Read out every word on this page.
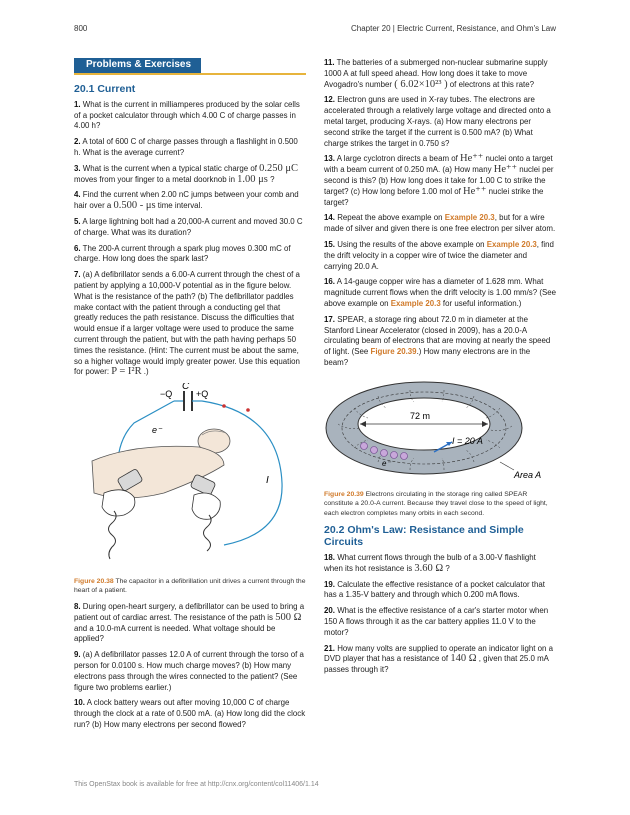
800	Chapter 20 | Electric Current, Resistance, and Ohm's Law
Problems & Exercises
20.1 Current
1. What is the current in milliamperes produced by the solar cells of a pocket calculator through which 4.00 C of charge passes in 4.00 h?
2. A total of 600 C of charge passes through a flashlight in 0.500 h. What is the average current?
3. What is the current when a typical static charge of 0.250 μC moves from your finger to a metal doorknob in 1.00 μs ?
4. Find the current when 2.00 nC jumps between your comb and hair over a 0.500 - μs time interval.
5. A large lightning bolt had a 20,000-A current and moved 30.0 C of charge. What was its duration?
6. The 200-A current through a spark plug moves 0.300 mC of charge. How long does the spark last?
7. (a) A defibrillator sends a 6.00-A current through the chest of a patient by applying a 10,000-V potential as in the figure below. What is the resistance of the path? (b) The defibrillator paddles make contact with the patient through a conducting gel that greatly reduces the path resistance. Discuss the difficulties that would ensue if a larger voltage were used to produce the same current through the patient, but with the path having perhaps 50 times the resistance. (Hint: The current must be about the same, so a higher voltage would imply greater power. Use this equation for power: P = I²R .)
C
−Q	+Q
e⁻
I
Figure 20.38 The capacitor in a defibrillation unit drives a current through the heart of a patient.
8. During open-heart surgery, a defibrillator can be used to bring a patient out of cardiac arrest. The resistance of the path is 500 Ω and a 10.0-mA current is needed. What voltage should be applied?
9. (a) A defibrillator passes 12.0 A of current through the torso of a person for 0.0100 s. How much charge moves? (b) How many electrons pass through the wires connected to the patient? (See figure two problems earlier.)
10. A clock battery wears out after moving 10,000 C of charge through the clock at a rate of 0.500 mA. (a) How long did the clock run? (b) How many electrons per second flowed?
11. The batteries of a submerged non-nuclear submarine supply 1000 A at full speed ahead. How long does it take to move Avogadro's number ( 6.02×10²³ ) of electrons at this rate?
12. Electron guns are used in X-ray tubes. The electrons are accelerated through a relatively large voltage and directed onto a metal target, producing X-rays. (a) How many electrons per second strike the target if the current is 0.500 mA? (b) What charge strikes the target in 0.750 s?
13. A large cyclotron directs a beam of He⁺⁺ nuclei onto a target with a beam current of 0.250 mA. (a) How many He⁺⁺ nuclei per second is this? (b) How long does it take for 1.00 C to strike the target? (c) How long before 1.00 mol of He⁺⁺ nuclei strike the target?
14. Repeat the above example on Example 20.3, but for a wire made of silver and given there is one free electron per silver atom.
15. Using the results of the above example on Example 20.3, find the drift velocity in a copper wire of twice the diameter and carrying 20.0 A.
16. A 14-gauge copper wire has a diameter of 1.628 mm. What magnitude current flows when the drift velocity is 1.00 mm/s? (See above example on Example 20.3 for useful information.)
17. SPEAR, a storage ring about 72.0 m in diameter at the Stanford Linear Accelerator (closed in 2009), has a 20.0-A circulating beam of electrons that are moving at nearly the speed of light. (See Figure 20.39.) How many electrons are in the beam?
72 m
I = 20 A
e⁻
Area A
Figure 20.39 Electrons circulating in the storage ring called SPEAR constitute a 20.0-A current. Because they travel close to the speed of light, each electron completes many orbits in each second.
20.2 Ohm's Law: Resistance and Simple Circuits
18. What current flows through the bulb of a 3.00-V flashlight when its hot resistance is 3.60 Ω ?
19. Calculate the effective resistance of a pocket calculator that has a 1.35-V battery and through which 0.200 mA flows.
20. What is the effective resistance of a car's starter motor when 150 A flows through it as the car battery applies 11.0 V to the motor?
21. How many volts are supplied to operate an indicator light on a DVD player that has a resistance of 140 Ω , given that 25.0 mA passes through it?
This OpenStax book is available for free at http://cnx.org/content/col11406/1.14
